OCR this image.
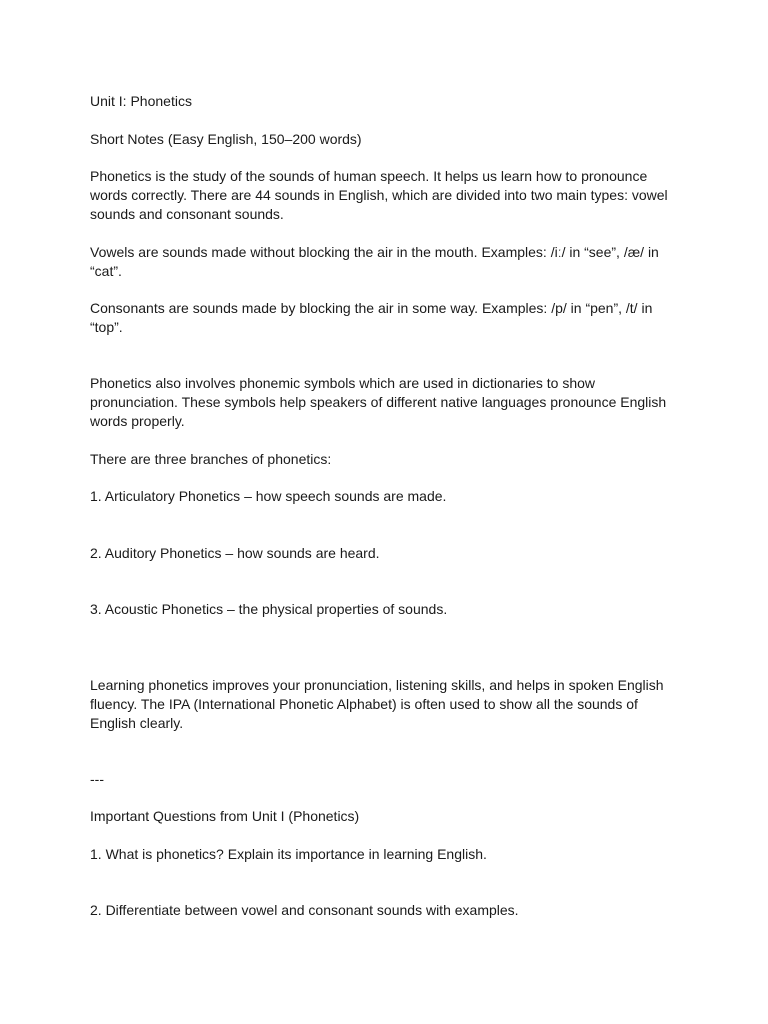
Unit I: Phonetics

Short Notes (Easy English, 150–200 words)

Phonetics is the study of the sounds of human speech. It helps us learn how to pronounce words correctly. There are 44 sounds in English, which are divided into two main types: vowel sounds and consonant sounds.

Vowels are sounds made without blocking the air in the mouth. Examples: /iː/ in “see”, /æ/ in “cat”.

Consonants are sounds made by blocking the air in some way. Examples: /p/ in “pen”, /t/ in “top”.

Phonetics also involves phonemic symbols which are used in dictionaries to show pronunciation. These symbols help speakers of different native languages pronounce English words properly.

There are three branches of phonetics:

1. Articulatory Phonetics – how speech sounds are made.

2. Auditory Phonetics – how sounds are heard.

3. Acoustic Phonetics – the physical properties of sounds.

Learning phonetics improves your pronunciation, listening skills, and helps in spoken English fluency. The IPA (International Phonetic Alphabet) is often used to show all the sounds of English clearly.

---

Important Questions from Unit I (Phonetics)

1. What is phonetics? Explain its importance in learning English.

2. Differentiate between vowel and consonant sounds with examples.
